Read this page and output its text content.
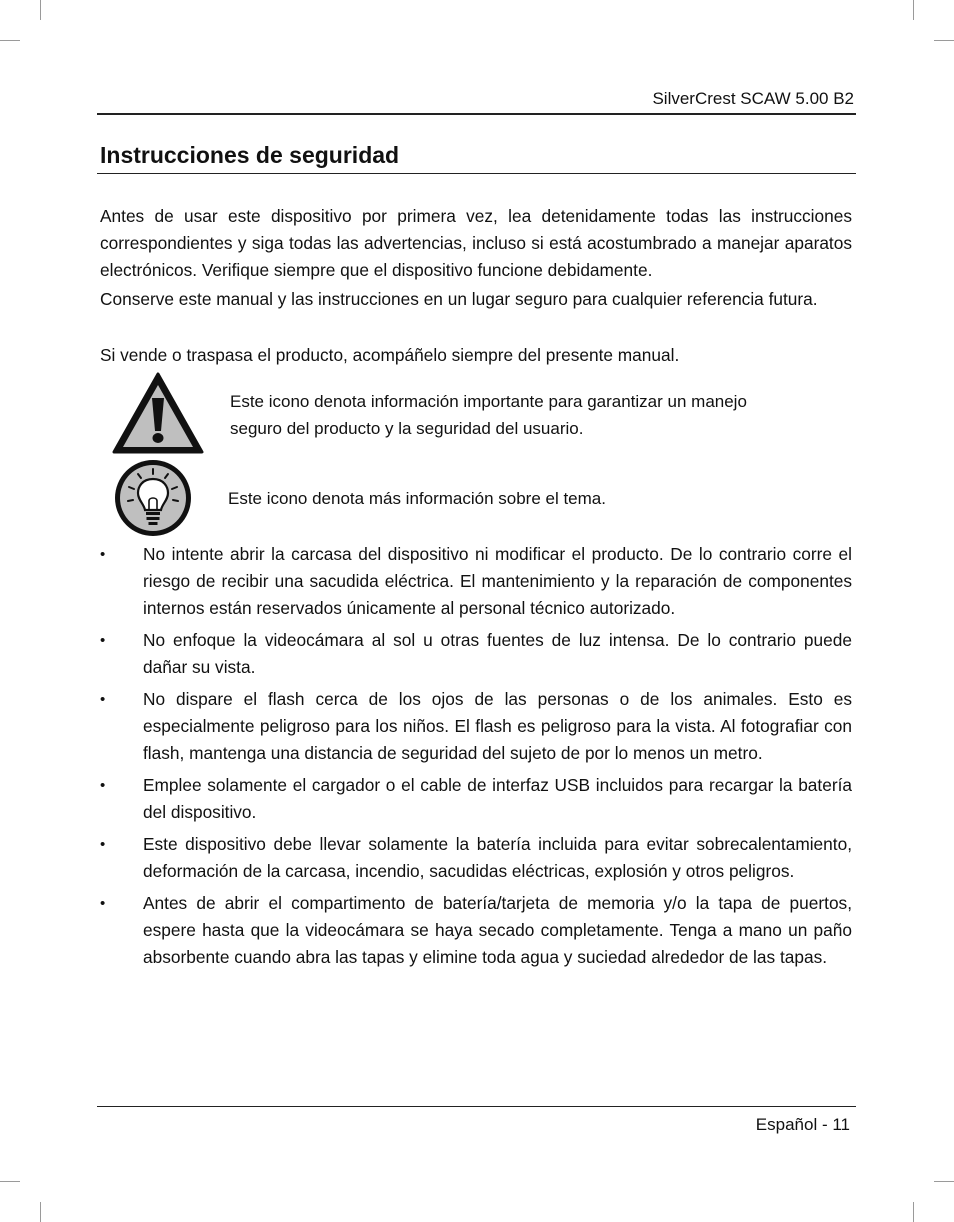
SilverCrest SCAW 5.00 B2
Instrucciones de seguridad

Antes de usar este dispositivo por primera vez, lea detenidamente todas las instrucciones correspondientes y siga todas las advertencias, incluso si está acostumbrado a manejar aparatos electrónicos. Verifique siempre que el dispositivo funcione debidamente.

Conserve este manual y las instrucciones en un lugar seguro para cualquier referencia futura.

Si vende o traspasa el producto, acompáñelo siempre del presente manual.

Este icono denota información importante para garantizar un manejo seguro del producto y la seguridad del usuario.

Este icono denota más información sobre el tema.

•	No intente abrir la carcasa del dispositivo ni modificar el producto. De lo contrario corre el riesgo de recibir una sacudida eléctrica. El mantenimiento y la reparación de componentes internos están reservados únicamente al personal técnico autorizado.
•	No enfoque la videocámara al sol u otras fuentes de luz intensa. De lo contrario puede dañar su vista.
•	No dispare el flash cerca de los ojos de las personas o de los animales. Esto es especialmente peligroso para los niños. El flash es peligroso para la vista. Al fotografiar con flash, mantenga una distancia de seguridad del sujeto de por lo menos un metro.
•	Emplee solamente el cargador o el cable de interfaz USB incluidos para recargar la batería del dispositivo.
•	Este dispositivo debe llevar solamente la batería incluida para evitar sobrecalentamiento, deformación de la carcasa, incendio, sacudidas eléctricas, explosión y otros peligros.
•	Antes de abrir el compartimento de batería/tarjeta de memoria y/o la tapa de puertos, espere hasta que la videocámara se haya secado completamente. Tenga a mano un paño absorbente cuando abra las tapas y elimine toda agua y suciedad alrededor de las tapas.
Español - 11
